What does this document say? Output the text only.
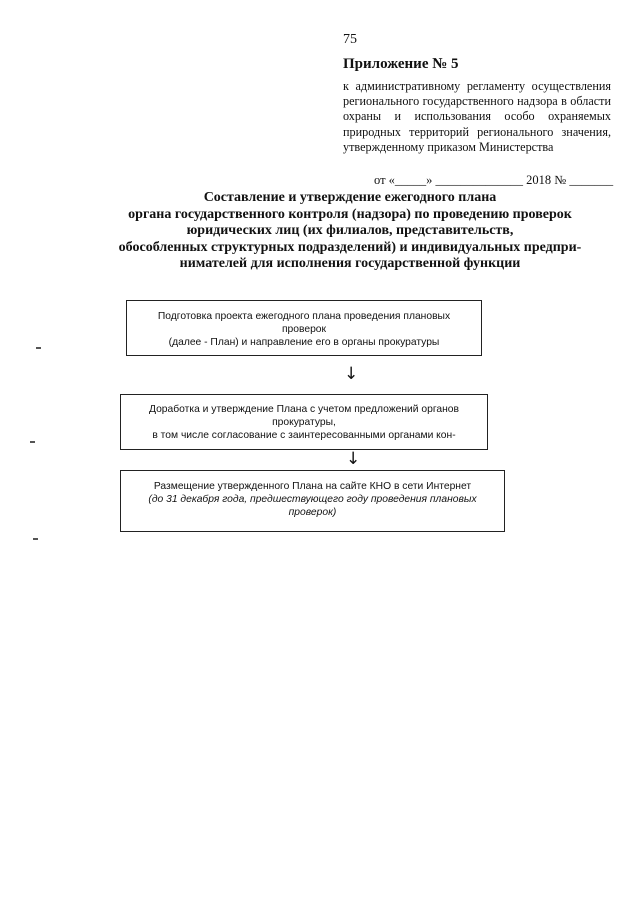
75
Приложение № 5
к административному регламенту осуществления регионального государственного надзора в области охраны и использования особо охраняемых природных территорий регионального значения, утвержденному приказом Министерства
от «_____» ______________ 2018 № _______
Составление и утверждение ежегодного плана
органа государственного контроля (надзора) по проведению проверок
юридических лиц (их филиалов, представительств,
обособленных структурных подразделений) и индивидуальных предпри-
нимателей для исполнения государственной функции
Подготовка проекта ежегодного плана проведения плановых
проверок
(далее - План) и направление его в органы прокуратуры
↓
Доработка и утверждение Плана с учетом предложений органов
прокуратуры,
в том числе согласование с заинтересованными органами кон-
↓
Размещение утвержденного Плана на сайте КНО в сети Интернет
(до 31 декабря года, предшествующего году проведения плановых
проверок)
